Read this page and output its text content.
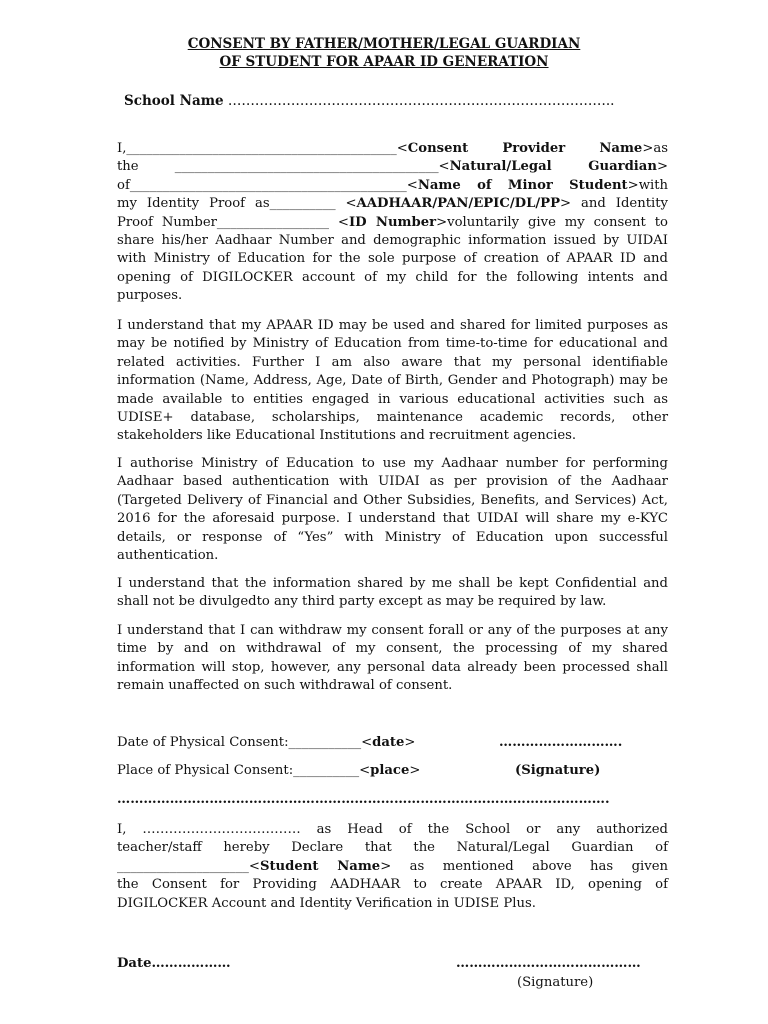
CONSENT BY FATHER/MOTHER/LEGAL GUARDIAN
OF STUDENT FOR APAAR ID GENERATION
School Name …………………………………………………………………………..
I,_________________________________________<Consent Provider Name>as
the ________________________________________<Natural/Legal Guardian>
of__________________________________________<Name of Minor Student>with
my Identity Proof as__________ <AADHAAR/PAN/EPIC/DL/PP> and Identity
Proof Number_________________ <ID Number>voluntarily give my consent to
share his/her Aadhaar Number and demographic information issued by UIDAI with Ministry of Education for the sole purpose of creation of APAAR ID and opening of DIGILOCKER account of my child for the following intents and purposes.
I understand that my APAAR ID may be used and shared for limited purposes as may be notified by Ministry of Education from time-to-time for educational and related activities. Further I am also aware that my personal identifiable information (Name, Address, Age, Date of Birth, Gender and Photograph) may be made available to entities engaged in various educational activities such as UDISE+ database, scholarships, maintenance academic records, other stakeholders like Educational Institutions and recruitment agencies.
I authorise Ministry of Education to use my Aadhaar number for performing Aadhaar based authentication with UIDAI as per provision of the Aadhaar (Targeted Delivery of Financial and Other Subsidies, Benefits, and Services) Act, 2016 for the aforesaid purpose. I understand that UIDAI will share my e-KYC details, or response of “Yes” with Ministry of Education upon successful authentication.
I understand that the information shared by me shall be kept Confidential and shall not be divulgedto any third party except as may be required by law.
I understand that I can withdraw my consent forall or any of the purposes at any time by and on withdrawal of my consent, the processing of my shared information will stop, however, any personal data already been processed shall remain unaffected on such withdrawal of consent.
Date of Physical Consent:___________<date>
Place of Physical Consent:__________<place>
……………………….
(Signature)
………………………………………………………………………………………………….
I, ……………………………… as Head of the School or any authorized
teacher/staff hereby Declare that the Natural/Legal Guardian of
____________________<Student Name> as mentioned above has given
the Consent for Providing AADHAAR to create APAAR ID, opening of DIGILOCKER Account and Identity Verification in UDISE Plus.
Date………………	……………………………………
(Signature)
